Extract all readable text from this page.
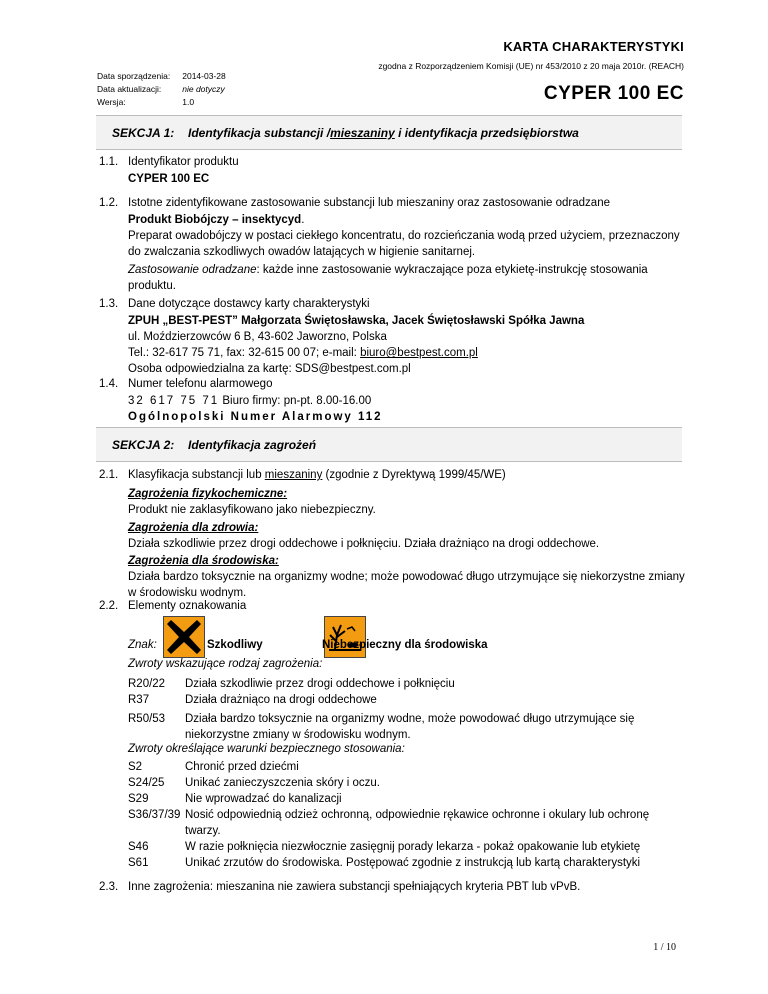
KARTA CHARAKTERYSTYKI
zgodna z Rozporządzeniem Komisji (UE) nr 453/2010 z 20 maja 2010r. (REACH)
Data sporządzenia:	2014-03-28
Data aktualizacji:	nie dotyczy
Wersja:	1.0	CYPER 100 EC
SEKCJA 1: Identyfikacja substancji /mieszaniny i identyfikacja przedsiębiorstwa
1.1. Identyfikator produktu
CYPER 100 EC
1.2. Istotne zidentyfikowane zastosowanie substancji lub mieszaniny oraz zastosowanie odradzane
Produkt Biobójczy – insektycyd.
Preparat owadobójczy w postaci ciekłego koncentratu, do rozcieńczania wodą przed użyciem, przeznaczony do zwalczania szkodliwych owadów latających w higienie sanitarnej.
Zastosowanie odradzane: każde inne zastosowanie wykraczające poza etykietę-instrukcję stosowania produktu.
1.3. Dane dotyczące dostawcy karty charakterystyki
ZPUH „BEST-PEST” Małgorzata Świętosławska, Jacek Świętosławski Spółka Jawna
ul. Moździerzowców 6 B, 43-602 Jaworzno, Polska
Tel.: 32-617 75 71, fax: 32-615 00 07; e-mail: biuro@bestpest.com.pl
Osoba odpowiedzialna za kartę: SDS@bestpest.com.pl
1.4. Numer telefonu alarmowego
32 617 75 71 Biuro firmy: pn-pt. 8.00-16.00
Ogólnopolski Numer Alarmowy 112
SEKCJA 2: Identyfikacja zagrożeń
2.1. Klasyfikacja substancji lub mieszaniny (zgodnie z Dyrektywą 1999/45/WE)
Zagrożenia fizykochemiczne:
Produkt nie zaklasyfikowano jako niebezpieczny.
Zagrożenia dla zdrowia:
Działa szkodliwie przez drogi oddechowe i połknięciu. Działa drażniąco na drogi oddechowe.
Zagrożenia dla środowiska:
Działa bardzo toksycznie na organizmy wodne; może powodować długo utrzymujące się niekorzystne zmiany w środowisku wodnym.
2.2. Elementy oznakowania
Znak:
	Szkodliwy	Niebezpieczny dla środowiska
Zwroty wskazujące rodzaj zagrożenia:
R20/22 Działa szkodliwie przez drogi oddechowe i połknięciu
R37	Działa drażniąco na drogi oddechowe
R50/53	Działa bardzo toksycznie na organizmy wodne, może powodować długo utrzymujące się niekorzystne zmiany w środowisku wodnym.
Zwroty określające warunki bezpiecznego stosowania:
S2	Chronić przed dziećmi
S24/25 Unikać zanieczyszczenia skóry i oczu.
S29	Nie wprowadzać do kanalizacji
S36/37/39 Nosić odpowiednią odzież ochronną, odpowiednie rękawice ochronne i okulary lub ochronę twarzy.
S46	W razie połknięcia niezwłocznie zasięgnij porady lekarza - pokaż opakowanie lub etykietę
S61	Unikać zrzutów do środowiska. Postępować zgodnie z instrukcją lub kartą charakterystyki
2.3. Inne zagrożenia: mieszanina nie zawiera substancji spełniających kryteria PBT lub vPvB.
1 / 10
